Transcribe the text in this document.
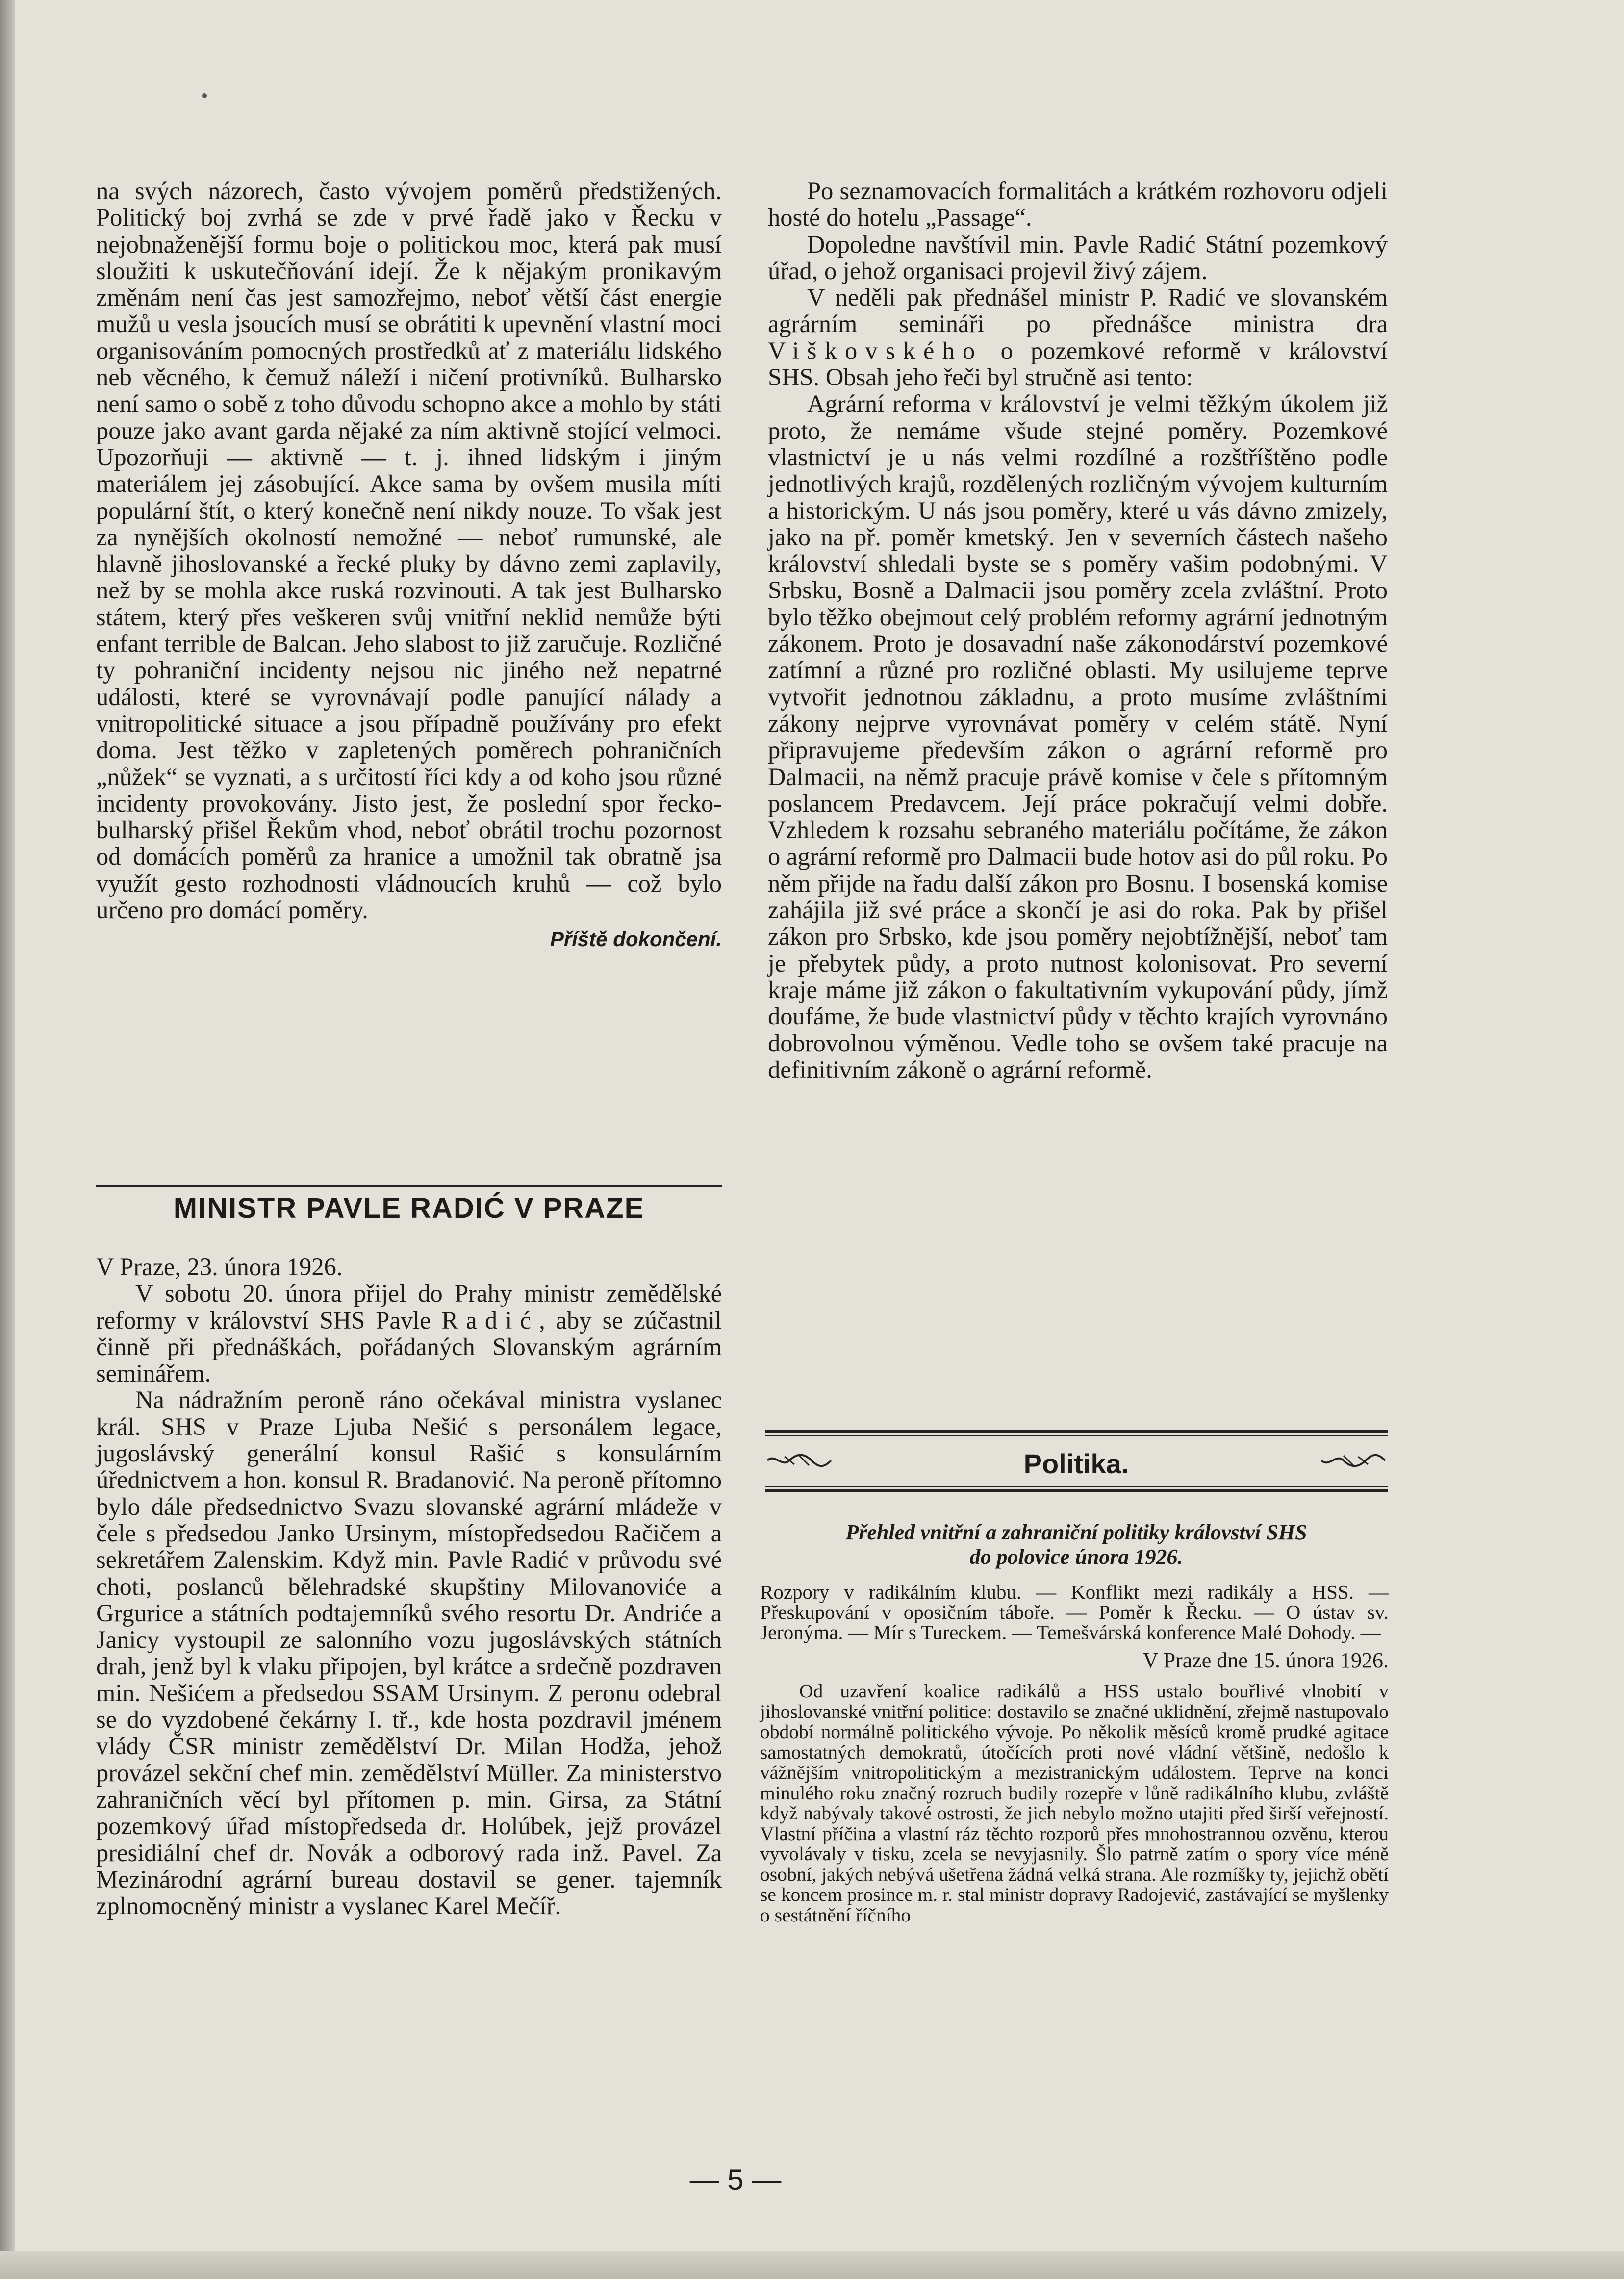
na svých názorech, často vývojem poměrů předstižených. Politický boj zvrhá se zde v prvé řadě jako v Řecku v nejobnaženější formu boje o politickou moc, která pak musí sloužiti k uskutečňování idejí. Že k nějakým pronikavým změnám není čas jest samozřejmo, neboť větší část energie mužů u vesla jsoucích musí se obrátiti k upevnění vlastní moci organisováním pomocných prostředků ať z materiálu lidského neb věcného, k čemuž náleží i ničení protivníků. Bulharsko není samo o sobě z toho důvodu schopno akce a mohlo by státi pouze jako avant garda nějaké za ním aktivně stojící velmoci. Upozorňuji — aktivně — t. j. ihned lidským i jiným materiálem jej zásobující. Akce sama by ovšem musila míti populární štít, o který konečně není nikdy nouze. To však jest za nynějších okolností nemožné — neboť rumunské, ale hlavně jihoslovanské a řecké pluky by dávno zemi zaplavily, než by se mohla akce ruská rozvinouti. A tak jest Bulharsko státem, který přes veškeren svůj vnitřní neklid nemůže býti enfant terrible de Balcan. Jeho slabost to již zaručuje. Rozličné ty pohraniční incidenty nejsou nic jiného než nepatrné události, které se vyrovnávají podle panující nálady a vnitropolitické situace a jsou případně používány pro efekt doma. Jest těžko v zapletených poměrech pohraničních „nůžek“ se vyznati, a s určitostí říci kdy a od koho jsou různé incidenty provokovány. Jisto jest, že poslední spor řecko-bulharský přišel Řekům vhod, neboť obrátil trochu pozornost od domácích poměrů za hranice a umožnil tak obratně jsa využít gesto rozhodnosti vládnoucích kruhů — což bylo určeno pro domácí poměry.

Příště dokončení.
MINISTR PAVLE RADIĆ V PRAZE

V Praze, 23. února 1926.

V sobotu 20. února přijel do Prahy ministr zemědělské reformy v království SHS Pavle Radić, aby se zúčastnil činně při přednáškách, pořádaných Slovanským agrárním seminářem.

Na nádražním peroně ráno očekával ministra vyslanec král. SHS v Praze Ljuba Nešić s personálem legace, jugoslávský generální konsul Rašić s konsulárním úřednictvem a hon. konsul R. Bradanović. Na peroně přítomno bylo dále předsednictvo Svazu slovanské agrární mládeže v čele s předsedou Janko Ursinym, místopředsedou Račičem a sekretářem Zalenskim. Když min. Pavle Radić v průvodu své choti, poslanců bělehradské skupštiny Milovanoviće a Grgurice a státních podtajemníků svého resortu Dr. Andriće a Janicy vystoupil ze salonního vozu jugoslávských státních drah, jenž byl k vlaku připojen, byl krátce a srdečně pozdraven min. Nešićem a předsedou SSAM Ursinym. Z peronu odebral se do vyzdobené čekárny I. tř., kde hosta pozdravil jménem vlády ČSR ministr zemědělství Dr. Milan Hodža, jehož provázel sekční chef min. zemědělství Müller. Za ministerstvo zahraničních věcí byl přítomen p. min. Girsa, za Státní pozemkový úřad místopředseda dr. Holúbek, jejž provázel presidiální chef dr. Novák a odborový rada inž. Pavel. Za Mezinárodní agrární bureau dostavil se gener. tajemník zplnomocněný ministr a vyslanec Karel Mečíř.

Po seznamovacích formalitách a krátkém rozhovoru odjeli hosté do hotelu „Passage“.

Dopoledne navštívil min. Pavle Radić Státní pozemkový úřad, o jehož organisaci projevil živý zájem.

V neděli pak přednášel ministr P. Radić ve slovanském agrárním semináři po přednášce ministra dra Viškovského o pozemkové reformě v království SHS. Obsah jeho řeči byl stručně asi tento:

Agrární reforma v království je velmi těžkým úkolem již proto, že nemáme všude stejné poměry. Pozemkové vlastnictví je u nás velmi rozdílné a rozštříštěno podle jednotlivých krajů, rozdělených rozličným vývojem kulturním a historickým. U nás jsou poměry, které u vás dávno zmizely, jako na př. poměr kmetský. Jen v severních částech našeho království shledali byste se s poměry vašim podobnými. V Srbsku, Bosně a Dalmacii jsou poměry zcela zvláštní. Proto bylo těžko obejmout celý problém reformy agrární jednotným zákonem. Proto je dosavadní naše zákonodárství pozemkové zatímní a různé pro rozličné oblasti. My usilujeme teprve vytvořit jednotnou základnu, a proto musíme zvláštními zákony nejprve vyrovnávat poměry v celém státě. Nyní připravujeme především zákon o agrární reformě pro Dalmacii, na němž pracuje právě komise v čele s přítomným poslancem Predavcem. Její práce pokračují velmi dobře. Vzhledem k rozsahu sebraného materiálu počítáme, že zákon o agrární reformě pro Dalmacii bude hotov asi do půl roku. Po něm přijde na řadu další zákon pro Bosnu. I bosenská komise zahájila již své práce a skončí je asi do roka. Pak by přišel zákon pro Srbsko, kde jsou poměry nejobtížnější, neboť tam je přebytek půdy, a proto nutnost kolonisovat. Pro severní kraje máme již zákon o fakultativním vykupování půdy, jímž doufáme, že bude vlastnictví půdy v těchto krajích vyrovnáno dobrovolnou výměnou. Vedle toho se ovšem také pracuje na definitivním zákoně o agrární reformě.

Politika.
Přehled vnitřní a zahraniční politiky království SHS
do polovice února 1926.

Rozpory v radikálním klubu. — Konflikt mezi radikály a HSS. — Přeskupování v oposičním táboře. — Poměr k Řecku. — O ústav sv. Jeronýma. — Mír s Tureckem. — Temešvárská konference Malé Dohody. —

V Praze dne 15. února 1926.

Od uzavření koalice radikálů a HSS ustalo bouřlivé vlnobití v jihoslovanské vnitřní politice: dostavilo se značné uklidnění, zřejmě nastupovalo období normálně politického vývoje. Po několik měsíců kromě prudké agitace samostatných demokratů, útočících proti nové vládní většině, nedošlo k vážnějším vnitropolitickým a mezistranickým událostem. Teprve na konci minulého roku značný rozruch budily rozepře v lůně radikálního klubu, zvláště když nabývaly takové ostrosti, že jich nebylo možno utajiti před širší veřejností. Vlastní příčina a vlastní ráz těchto rozporů přes mnohostrannou ozvěnu, kterou vyvolávaly v tisku, zcela se nevyjasnily. Šlo patrně zatím o spory více méně osobní, jakých nebývá ušetřena žádná velká strana. Ale rozmíšky ty, jejichž obětí se koncem prosince m. r. stal ministr dopravy Radojević, zastávající se myšlenky o sestátnění říčního

— 5 —
